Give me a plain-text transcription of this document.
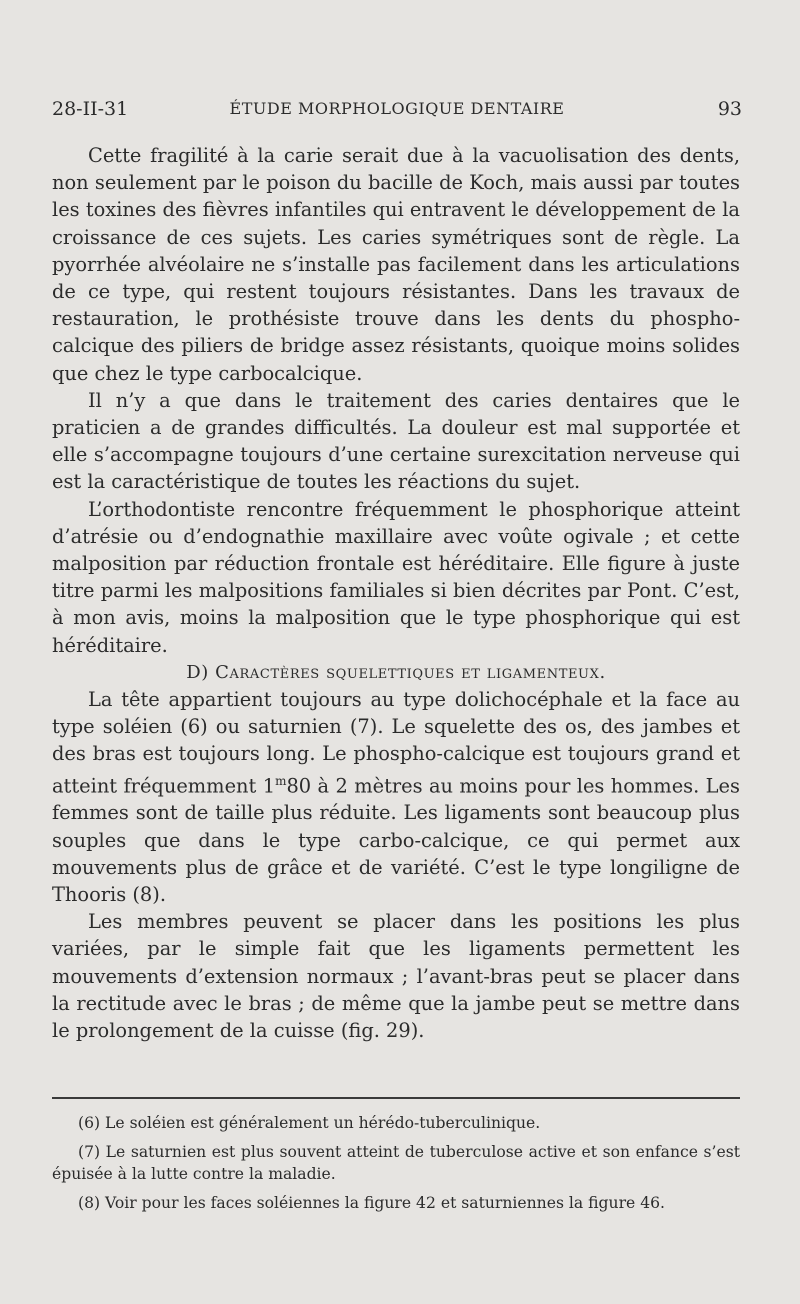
28-II-31	ÉTUDE MORPHOLOGIQUE DENTAIRE	93

Cette fragilité à la carie serait due à la vacuolisation des dents, non seulement par le poison du bacille de Koch, mais aussi par toutes les toxines des fièvres infantiles qui entravent le développement de la croissance de ces sujets. Les caries symétriques sont de règle. La pyorrhée alvéolaire ne s’installe pas facilement dans les articulations de ce type, qui restent toujours résistantes. Dans les travaux de restauration, le prothésiste trouve dans les dents du phospho-calcique des piliers de bridge assez résistants, quoique moins solides que chez le type carbocalcique.

Il n’y a que dans le traitement des caries dentaires que le praticien a de grandes difficultés. La douleur est mal supportée et elle s’accompagne toujours d’une certaine surexcitation nerveuse qui est la caractéristique de toutes les réactions du sujet.

L’orthodontiste rencontre fréquemment le phosphorique atteint d’atrésie ou d’endognathie maxillaire avec voûte ogivale ; et cette malposition par réduction frontale est héréditaire. Elle figure à juste titre parmi les malpositions familiales si bien décrites par Pont. C’est, à mon avis, moins la malposition que le type phosphorique qui est héréditaire.

D) Caractères squelettiques et ligamenteux.

La tête appartient toujours au type dolichocéphale et la face au type soléien (6) ou saturnien (7). Le squelette des os, des jambes et des bras est toujours long. Le phospho-calcique est toujours grand et atteint fréquemment 1$^m$80 à 2 mètres au moins pour les hommes. Les femmes sont de taille plus réduite. Les ligaments sont beaucoup plus souples que dans le type carbo-calcique, ce qui permet aux mouvements plus de grâce et de variété. C’est le type longiligne de Thooris (8).

Les membres peuvent se placer dans les positions les plus variées, par le simple fait que les ligaments permettent les mouvements d’extension normaux ; l’avant-bras peut se placer dans la rectitude avec le bras ; de même que la jambe peut se mettre dans le prolongement de la cuisse (fig. 29).

(6) Le soléien est généralement un hérédo-tuberculinique.

(7) Le saturnien est plus souvent atteint de tuberculose active et son enfance s’est épuisée à la lutte contre la maladie.

(8) Voir pour les faces soléiennes la figure 42 et saturniennes la figure 46.
